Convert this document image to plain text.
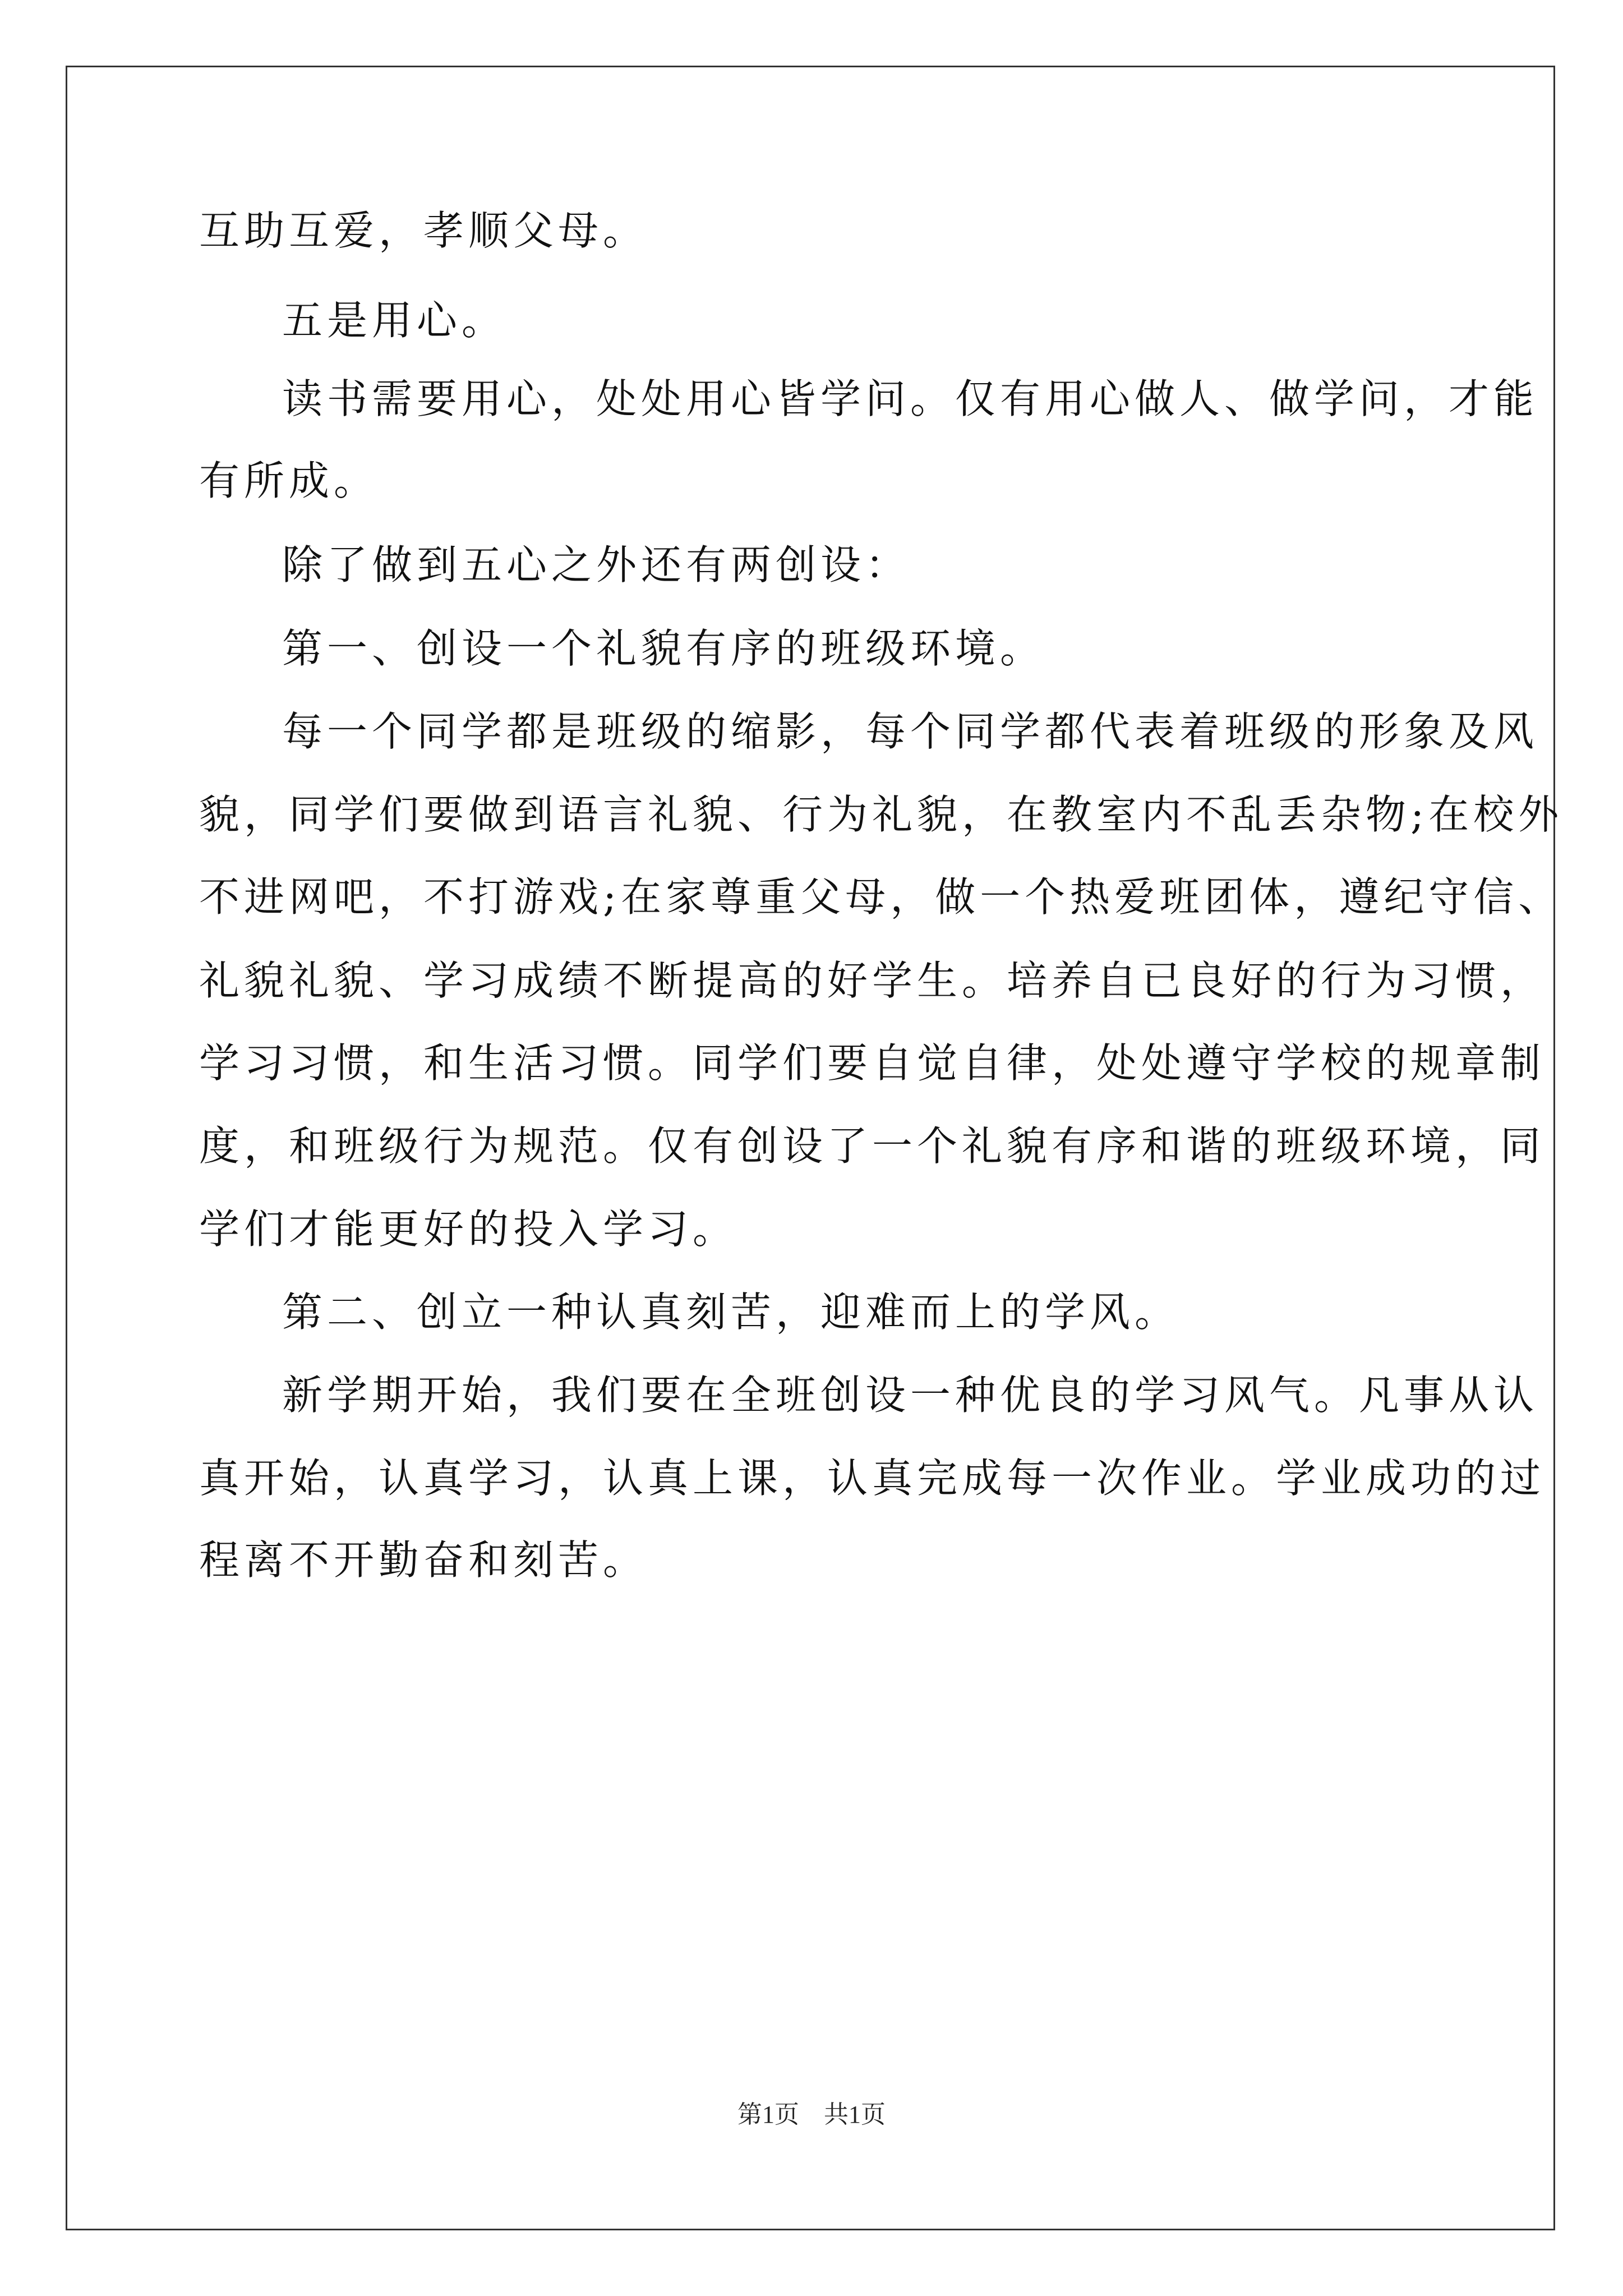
互助互爱，孝顺父母。
五是用心。
读书需要用心，处处用心皆学问。仅有用心做人、做学问，才能
有所成。
除了做到五心之外还有两创设：
第一、创设一个礼貌有序的班级环境。
每一个同学都是班级的缩影，每个同学都代表着班级的形象及风
貌，同学们要做到语言礼貌、行为礼貌，在教室内不乱丢杂物;在校外
不进网吧，不打游戏;在家尊重父母，做一个热爱班团体，遵纪守信、
礼貌礼貌、学习成绩不断提高的好学生。培养自已良好的行为习惯，
学习习惯，和生活习惯。同学们要自觉自律，处处遵守学校的规章制
度，和班级行为规范。仅有创设了一个礼貌有序和谐的班级环境，同
学们才能更好的投入学习。
第二、创立一种认真刻苦，迎难而上的学风。
新学期开始，我们要在全班创设一种优良的学习风气。凡事从认
真开始，认真学习，认真上课，认真完成每一次作业。学业成功的过
程离不开勤奋和刻苦。
第1页　共1页
